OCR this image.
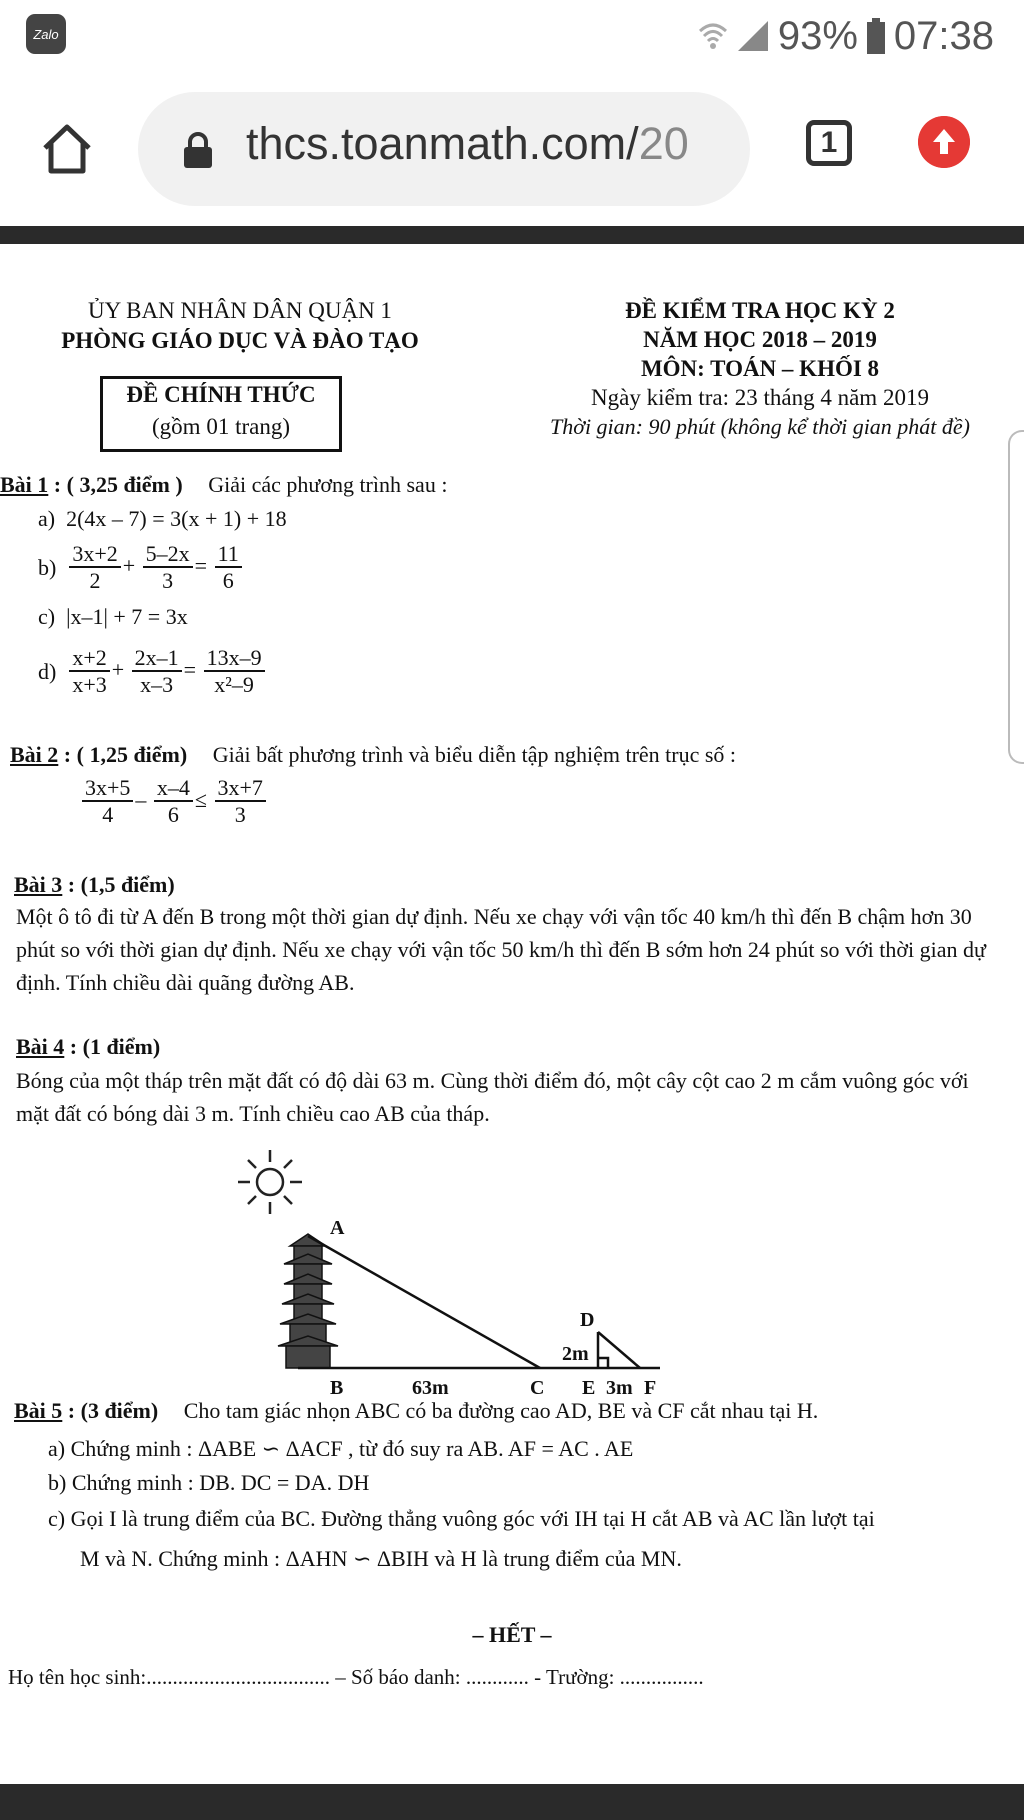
Zalo	93% 07:38
thcs.toanmath.com/20	1
ỦY BAN NHÂN DÂN QUẬN 1
PHÒNG GIÁO DỤC VÀ ĐÀO TẠO
ĐỀ CHÍNH THỨC
(gồm 01 trang)
ĐỀ KIỂM TRA HỌC KỲ 2
NĂM HỌC 2018 – 2019
MÔN: TOÁN – KHỐI 8
Ngày kiểm tra: 23 tháng 4 năm 2019
Thời gian: 90 phút (không kể thời gian phát đề)
Bài 1 : ( 3,25 điểm ) Giải các phương trình sau :
a) 2(4x – 7) = 3(x + 1) + 18
$b) \frac{3x+2}{2} + \frac{5-2x}{3} = \frac{11}{6}$
c) |x–1| + 7 = 3x
$d) \frac{x+2}{x+3} + \frac{2x-1}{x-3} = \frac{13x-9}{\text{x²–9}}$
Bài 2 : ( 1,25 điểm) Giải bất phương trình và biểu diễn tập nghiệm trên trục số :
$\frac{3x+5}{4} - \frac{x-4}{6} \le \frac{3x+7}{3}$
Bài 3 : (1,5 điểm)
Một ô tô đi từ A đến B trong một thời gian dự định. Nếu xe chạy với vận tốc 40 km/h thì đến B chậm hơn 30 phút so với thời gian dự định. Nếu xe chạy với vận tốc 50 km/h thì đến B sớm hơn 24 phút so với thời gian dự định. Tính chiều dài quãng đường AB.
Bài 4 : (1 điểm)
Bóng của một tháp trên mặt đất có độ dài 63 m. Cùng thời điểm đó, một cây cột cao 2 m cắm vuông góc với mặt đất có bóng dài 3 m. Tính chiều cao AB của tháp.
A
B	63m	C
D
2m
E 3m F
Bài 5 : (3 điểm) Cho tam giác nhọn ABC có ba đường cao AD, BE và CF cắt nhau tại H.
a) Chứng minh : ΔABE ∽ ΔACF , từ đó suy ra AB. AF = AC . AE
b) Chứng minh : DB. DC = DA. DH
c) Gọi I là trung điểm của BC. Đường thẳng vuông góc với IH tại H cắt AB và AC lần lượt tại
M và N. Chứng minh : ΔAHN ∽ ΔBIH và H là trung điểm của MN.
– HẾT –
Họ tên học sinh:................................... – Số báo danh: ............ - Trường: ................
